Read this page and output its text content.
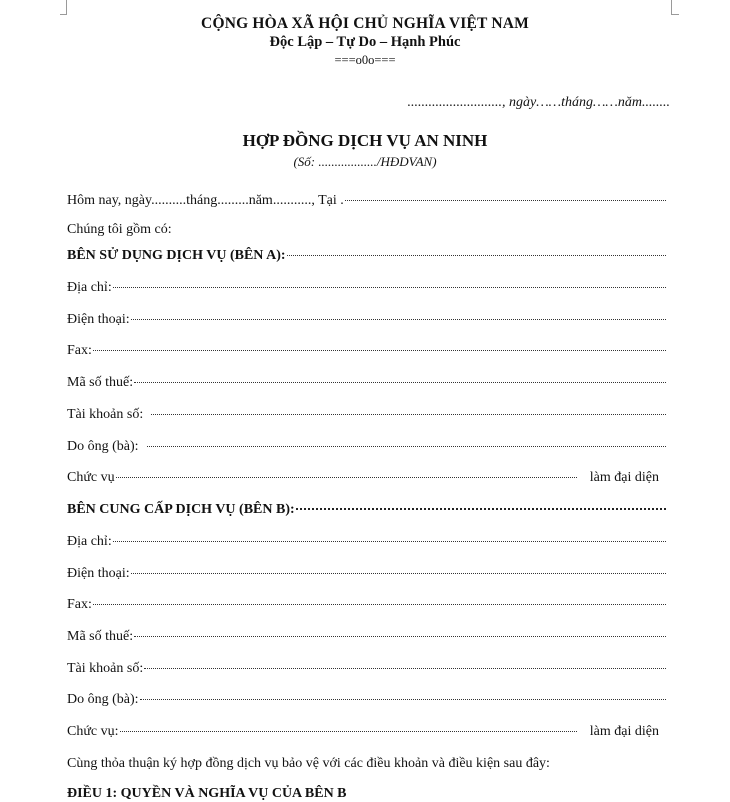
CỘNG HÒA XÃ HỘI CHỦ NGHĨA VIỆT NAM
Độc Lập – Tự Do – Hạnh Phúc
===o0o===
..........................., ngày……tháng……năm........
HỢP ĐỒNG DỊCH VỤ AN NINH
(Số: ................../HĐDVAN)
Hôm nay, ngày..........tháng.........năm..........., Tại .
Chúng tôi gồm có:
BÊN SỬ DỤNG DỊCH VỤ (BÊN A):
Địa chỉ:
Điện thoại:
Fax:
Mã số thuế:
Tài khoản số:
Do ông (bà):
Chức vụ	làm đại diện
BÊN CUNG CẤP DỊCH VỤ (BÊN B):
Địa chỉ:
Điện thoại:
Fax:
Mã số thuế:
Tài khoản số:
Do ông (bà):
Chức vụ:	làm đại diện
Cùng thỏa thuận ký hợp đồng dịch vụ bảo vệ với các điều khoản và điều kiện sau đây:
ĐIỀU 1: QUYỀN VÀ NGHĨA VỤ CỦA BÊN B
